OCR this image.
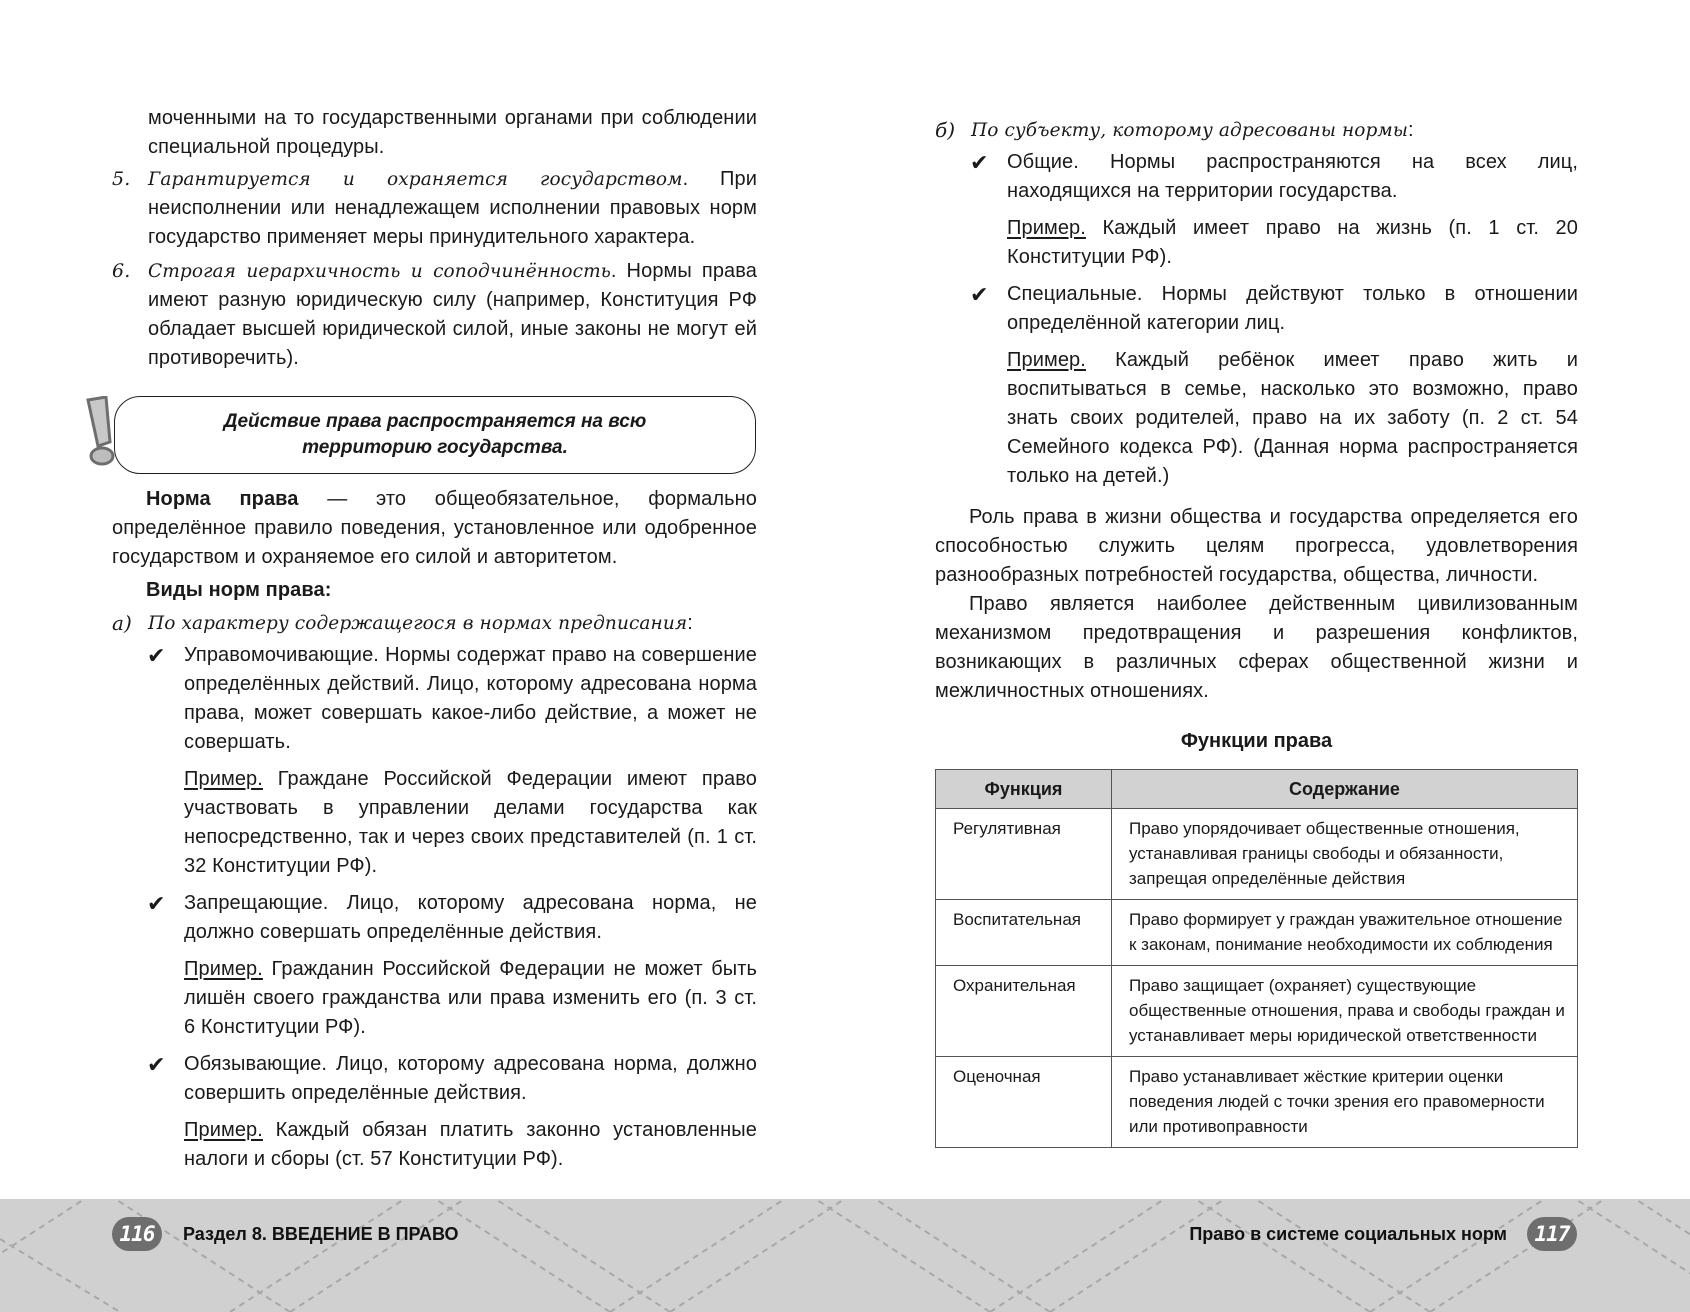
моченными на то государственными органами при соблюдении специальной процедуры.

5. Гарантируется и охраняется государством. При неисполнении или ненадлежащем исполнении правовых норм государство применяет меры принудительного характера.
6. Строгая иерархичность и соподчинённость. Нормы права имеют разную юридическую силу (например, Конституция РФ обладает высшей юридической силой, иные законы не могут ей противоречить).

Норма права — это общеобязательное, формально определённое правило поведения, установленное или одобренное государством и охраняемое его силой и авторитетом.

Виды норм права:

а) По характеру содержащегося в нормах предписания:
✔ Управомочивающие. Нормы содержат право на совершение определённых действий. Лицо, которому адресована норма права, может совершать какое-либо действие, а может не совершать.
Пример. Граждане Российской Федерации имеют право участвовать в управлении делами государства как непосредственно, так и через своих представителей (п. 1 ст. 32 Конституции РФ).
✔ Запрещающие. Лицо, которому адресована норма, не должно совершать определённые действия.
Пример. Гражданин Российской Федерации не может быть лишён своего гражданства или права изменить его (п. 3 ст. 6 Конституции РФ).
✔ Обязывающие. Лицо, которому адресована норма, должно совершить определённые действия.
Пример. Каждый обязан платить законно установленные налоги и сборы (ст. 57 Конституции РФ).
Действие права распространяется на всю
территорию государства.
б) По субъекту, которому адресованы нормы:
✔ Общие. Нормы распространяются на всех лиц, находящихся на территории государства.
Пример. Каждый имеет право на жизнь (п. 1 ст. 20 Конституции РФ).
✔ Специальные. Нормы действуют только в отношении определённой категории лиц.
Пример. Каждый ребёнок имеет право жить и воспитываться в семье, насколько это возможно, право знать своих родителей, право на их заботу (п. 2 ст. 54 Семейного кодекса РФ). (Данная норма распространяется только на детей.)

Роль права в жизни общества и государства определяется его способностью служить целям прогресса, удовлетворения разнообразных потребностей государства, общества, личности.

Право является наиболее действенным цивилизованным механизмом предотвращения и разрешения конфликтов, возникающих в различных сферах общественной жизни и межличностных отношениях.

Функции права

Функция	Содержание
Регулятивная	Право упорядочивает общественные отношения, устанавливая границы свободы и обязанности, запрещая определённые действия
Воспитательная	Право формирует у граждан уважительное отношение к законам, понимание необходимости их соблюдения
Охранительная	Право защищает (охраняет) существующие общественные отношения, права и свободы граждан и устанавливает меры юридической ответственности
Оценочная	Право устанавливает жёсткие критерии оценки поведения людей с точки зрения его правомерности или противоправности
116	Раздел 8. ВВЕДЕНИЕ В ПРАВО	Право в системе социальных норм	117
